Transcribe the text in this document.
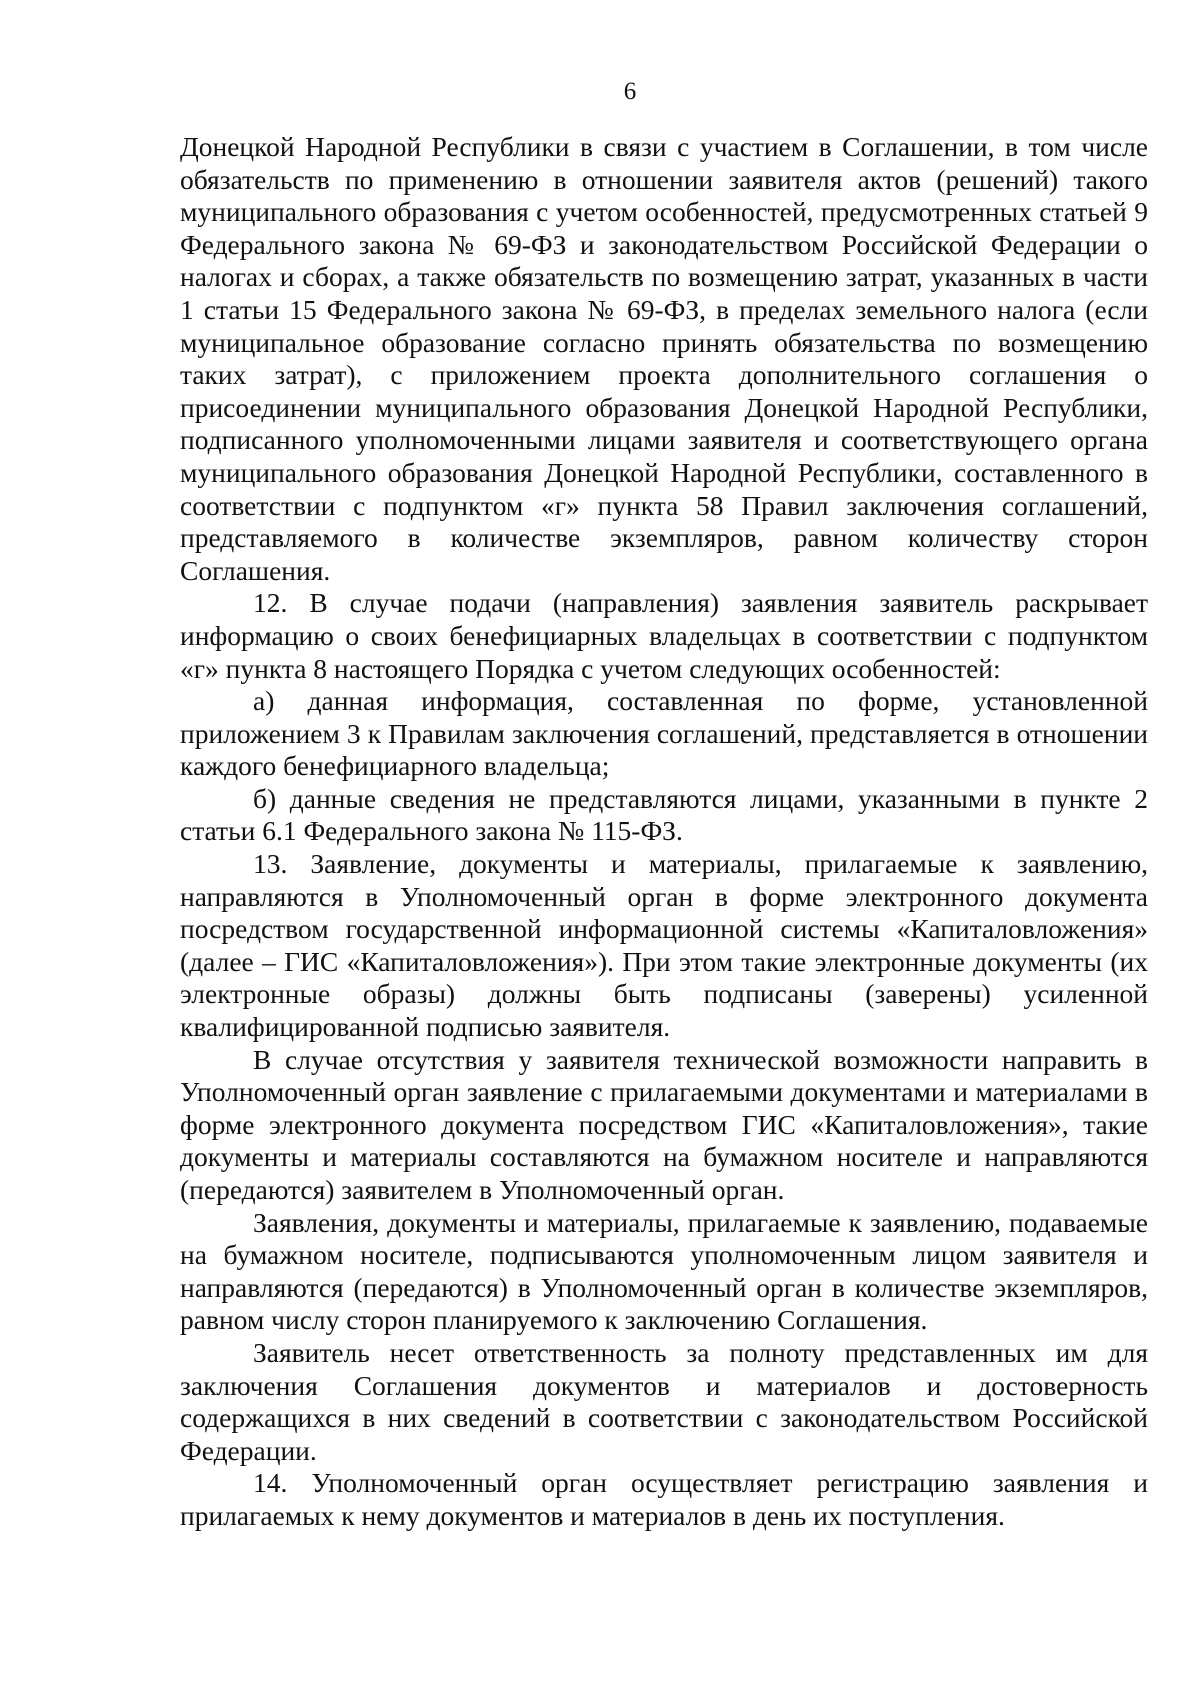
6

Донецкой Народной Республики в связи с участием в Соглашении, в том числе обязательств по применению в отношении заявителя актов (решений) такого муниципального образования с учетом особенностей, предусмотренных статьей 9 Федерального закона № 69-ФЗ и законодательством Российской Федерации о налогах и сборах, а также обязательств по возмещению затрат, указанных в части 1 статьи 15 Федерального закона № 69-ФЗ, в пределах земельного налога (если муниципальное образование согласно принять обязательства по возмещению таких затрат), с приложением проекта дополнительного соглашения о присоединении муниципального образования Донецкой Народной Республики, подписанного уполномоченными лицами заявителя и соответствующего органа муниципального образования Донецкой Народной Республики, составленного в соответствии с подпунктом «г» пункта 58 Правил заключения соглашений, представляемого в количестве экземпляров, равном количеству сторон Соглашения.

12. В случае подачи (направления) заявления заявитель раскрывает информацию о своих бенефициарных владельцах в соответствии с подпунктом «г» пункта 8 настоящего Порядка с учетом следующих особенностей:

а) данная информация, составленная по форме, установленной приложением 3 к Правилам заключения соглашений, представляется в отношении каждого бенефициарного владельца;

б) данные сведения не представляются лицами, указанными в пункте 2 статьи 6.1 Федерального закона № 115-ФЗ.

13. Заявление, документы и материалы, прилагаемые к заявлению, направляются в Уполномоченный орган в форме электронного документа посредством государственной информационной системы «Капиталовложения» (далее – ГИС «Капиталовложения»). При этом такие электронные документы (их электронные образы) должны быть подписаны (заверены) усиленной квалифицированной подписью заявителя.

В случае отсутствия у заявителя технической возможности направить в Уполномоченный орган заявление с прилагаемыми документами и материалами в форме электронного документа посредством ГИС «Капиталовложения», такие документы и материалы составляются на бумажном носителе и направляются (передаются) заявителем в Уполномоченный орган.

Заявления, документы и материалы, прилагаемые к заявлению, подаваемые на бумажном носителе, подписываются уполномоченным лицом заявителя и направляются (передаются) в Уполномоченный орган в количестве экземпляров, равном числу сторон планируемого к заключению Соглашения.

Заявитель несет ответственность за полноту представленных им для заключения Соглашения документов и материалов и достоверность содержащихся в них сведений в соответствии с законодательством Российской Федерации.

14. Уполномоченный орган осуществляет регистрацию заявления и прилагаемых к нему документов и материалов в день их поступления.
